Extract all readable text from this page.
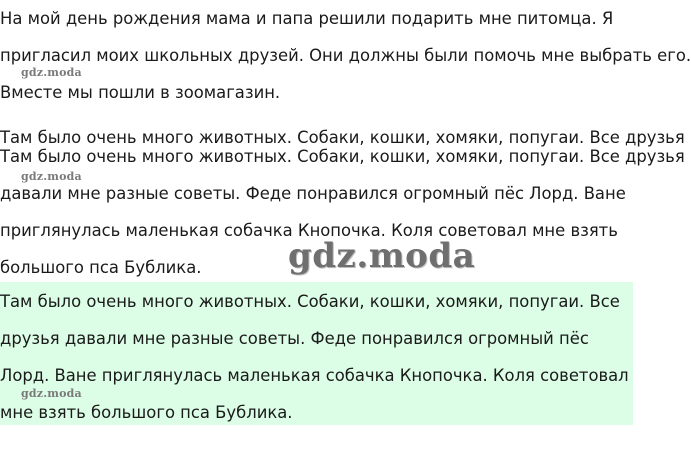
На мой день рождения мама и папа решили подарить мне питомца. Я
пригласил моих школьных друзей. Они должны были помочь мне выбрать его.
Вместе мы пошли в зоомагазин.
Там было очень много животных. Собаки, кошки, хомяки, попугаи. Все друзья
Там было очень много животных. Собаки, кошки, хомяки, попугаи. Все друзья
давали мне разные советы. Феде понравился огромный пёс Лорд. Ване
приглянулась маленькая собачка Кнопочка. Коля советовал мне взять
большого пса Бублика.
Там было очень много животных. Собаки, кошки, хомяки, попугаи. Все
друзья давали мне разные советы. Феде понравился огромный пёс
Лорд. Ване приглянулась маленькая собачка Кнопочка. Коля советовал
мне взять большого пса Бублика.
gdz.moda
gdz.moda
gdz.moda
gdz.moda
